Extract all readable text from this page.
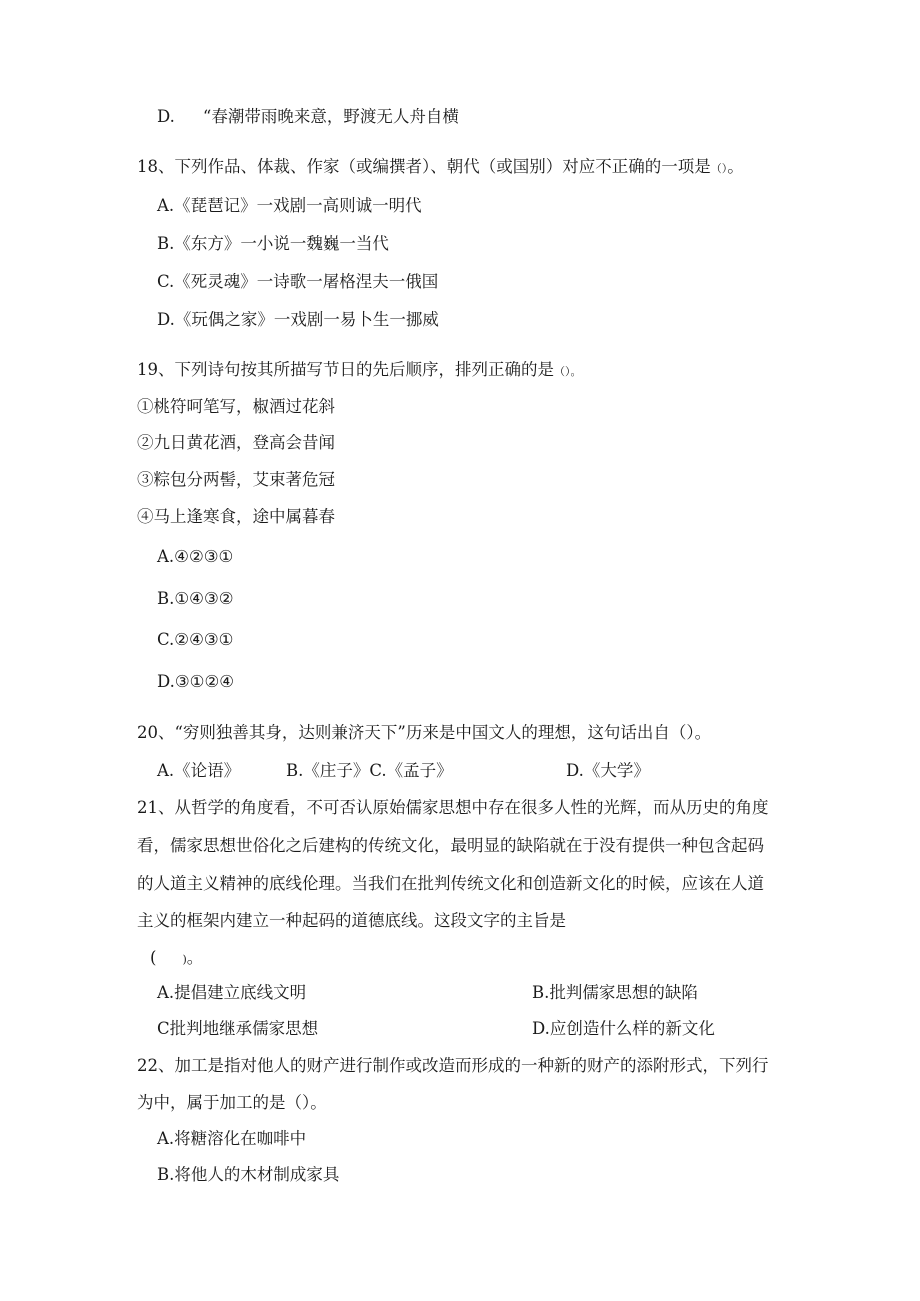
D. “春潮带雨晚来意，野渡无人舟自横
18、下列作品、体裁、作家（或编撰者）、朝代（或国别）对应不正确的一项是（）。
A.《琵琶记》一戏剧一高则诚一明代
B.《东方》一小说一魏巍一当代
C.《死灵魂》一诗歌一屠格涅夫一俄国
D.《玩偶之家》一戏剧一易卜生一挪威
19、下列诗句按其所描写节日的先后顺序，排列正确的是（）。
①桃符呵笔写，椒酒过花斜
②九日黄花酒，登高会昔闻
③粽包分两髻，艾束著危冠
④马上逢寒食，途中属暮春
A.④②③①
B.①④③②
C.②④③①
D.③①②④
20、“穷则独善其身，达则兼济天下”历来是中国文人的理想，这句话出自（）。
A.《论语》	B.《庄子》C.《孟子》	D.《大学》
21、从哲学的角度看，不可否认原始儒家思想中存在很多人性的光辉，而从历史的角度
看，儒家思想世俗化之后建构的传统文化，最明显的缺陷就在于没有提供一种包含起码
的人道主义精神的底线伦理。当我们在批判传统文化和创造新文化的时候，应该在人道
主义的框架内建立一种起码的道德底线。这段文字的主旨是
( )。
A.提倡建立底线文明	B.批判儒家思想的缺陷
C批判地继承儒家思想	D.应创造什么样的新文化
22、加工是指对他人的财产进行制作或改造而形成的一种新的财产的添附形式，下列行
为中，属于加工的是（）。
A.将糖溶化在咖啡中
B.将他人的木材制成家具
